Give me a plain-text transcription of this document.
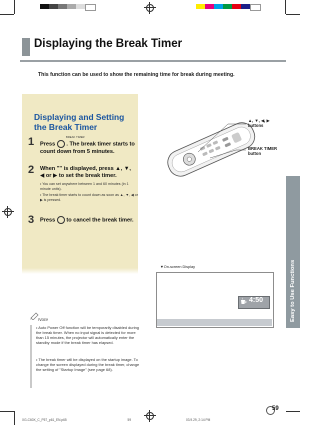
Displaying the Break Timer
This function can be used to show the remaining time for break during meeting.
Displaying and Setting
the Break Timer
1	BREAK TIMER
Press . The break timer starts to count down from 5 minutes.
2 When "" is displayed, press ▲, ▼, ◀ or ▶ to set the break timer.
• You can set anywhere between 1 and 60 minutes (in 1 minute units).
• The break timer starts to count down as soon as ▲, ▼, ◀ or ▶ is pressed.
3 Press to cancel the break timer.
Note
• Auto Power Off function will be temporarily disabled during the break timer. When no input signal is detected for more than 15 minutes, the projector will automatically enter the standby mode if the break timer has elapsed.
• The break timer will be displayed on the startup image. To change the screen displayed during the break timer, change the setting of "Startup Image" (see page 68).
▲, ▼, ◀, ▶
buttons
BREAK TIMER
button
▼On-screen Display
4:50	Easy to Use Functions
59
XG-C60X_C_P57_p61_EN.p65	59	03.9.29, 2:14 PM
